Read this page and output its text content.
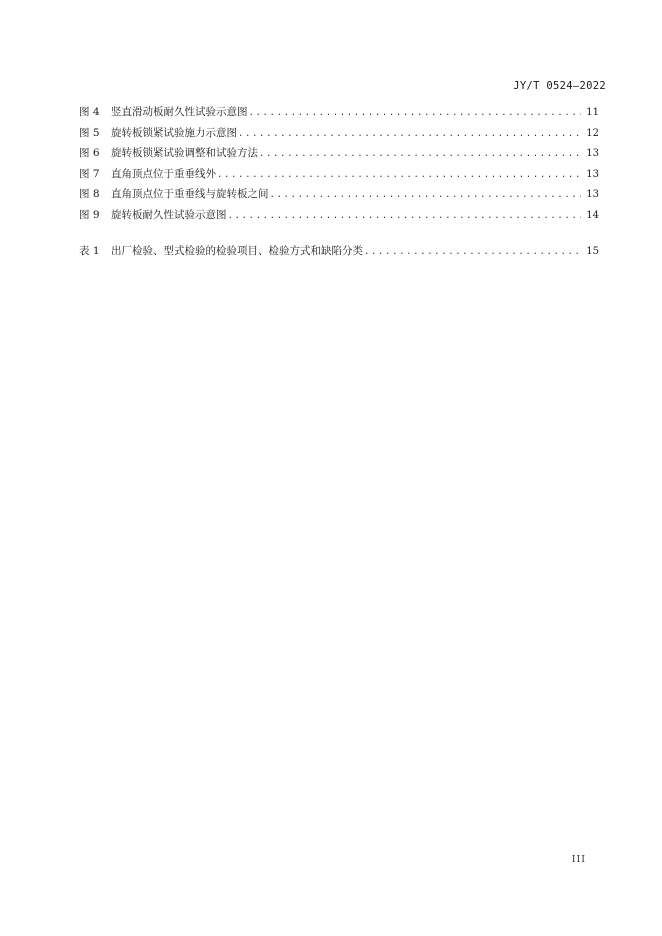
JY/T 0524—2022
图 4	竖直滑动板耐久性试验示意图 .....	11
图 5	旋转板锁紧试验施力示意图 .....	12
图 6	旋转板锁紧试验调整和试验方法 .....	13
图 7	直角顶点位于重垂线外 .....	13
图 8	直角顶点位于重垂线与旋转板之间 .....	13
图 9	旋转板耐久性试验示意图 .....	14
表 1	出厂检验、型式检验的检验项目、检验方式和缺陷分类 .....	15
III
